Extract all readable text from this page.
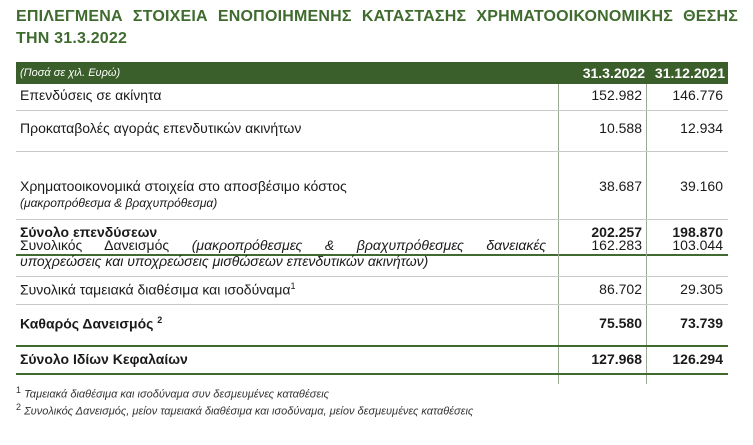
ΕΠΙΛΕΓΜΕΝΑ ΣΤΟΙΧΕΙΑ ΕΝΟΠΟΙΗΜΕΝΗΣ ΚΑΤΑΣΤΑΣΗΣ ΧΡΗΜΑΤΟΟΙΚΟΝΟΜΙΚΗΣ ΘΕΣΗΣ
ΤΗΝ 31.3.2022
(Ποσά σε χιλ. Ευρώ)	31.3.2022 31.12.2021
Επενδύσεις σε ακίνητα	152.982 146.776
Προκαταβολές αγοράς επενδυτικών ακινήτων	10.588	12.934
Χρηματοοικονομικά στοιχεία στο αποσβέσιμο κόστος
(μακροπρόθεσμα & βραχυπρόθεσμα)
38.687	39.160
Σύνολο επενδύσεων	202.257 198.870
Συνολικός Δανεισμός (μακροπρόθεσμες & βραχυπρόθεσμες δανειακές
υποχρεώσεις και υποχρεώσεις μισθώσεων επενδυτικών ακινήτων)
162.283 103.044
Συνολικά ταμειακά διαθέσιμα και ισοδύναμα$^1$	86.702	29.305
Καθαρός Δανεισμός $^2$	75.580	73.739
Σύνολο Ιδίων Κεφαλαίων	127.968 126.294
$^1$ Ταμειακά διαθέσιμα και ισοδύναμα συν δεσμευμένες καταθέσεις
$^2$ Συνολικός Δανεισμός, μείον ταμειακά διαθέσιμα και ισοδύναμα, μείον δεσμευμένες καταθέσεις
